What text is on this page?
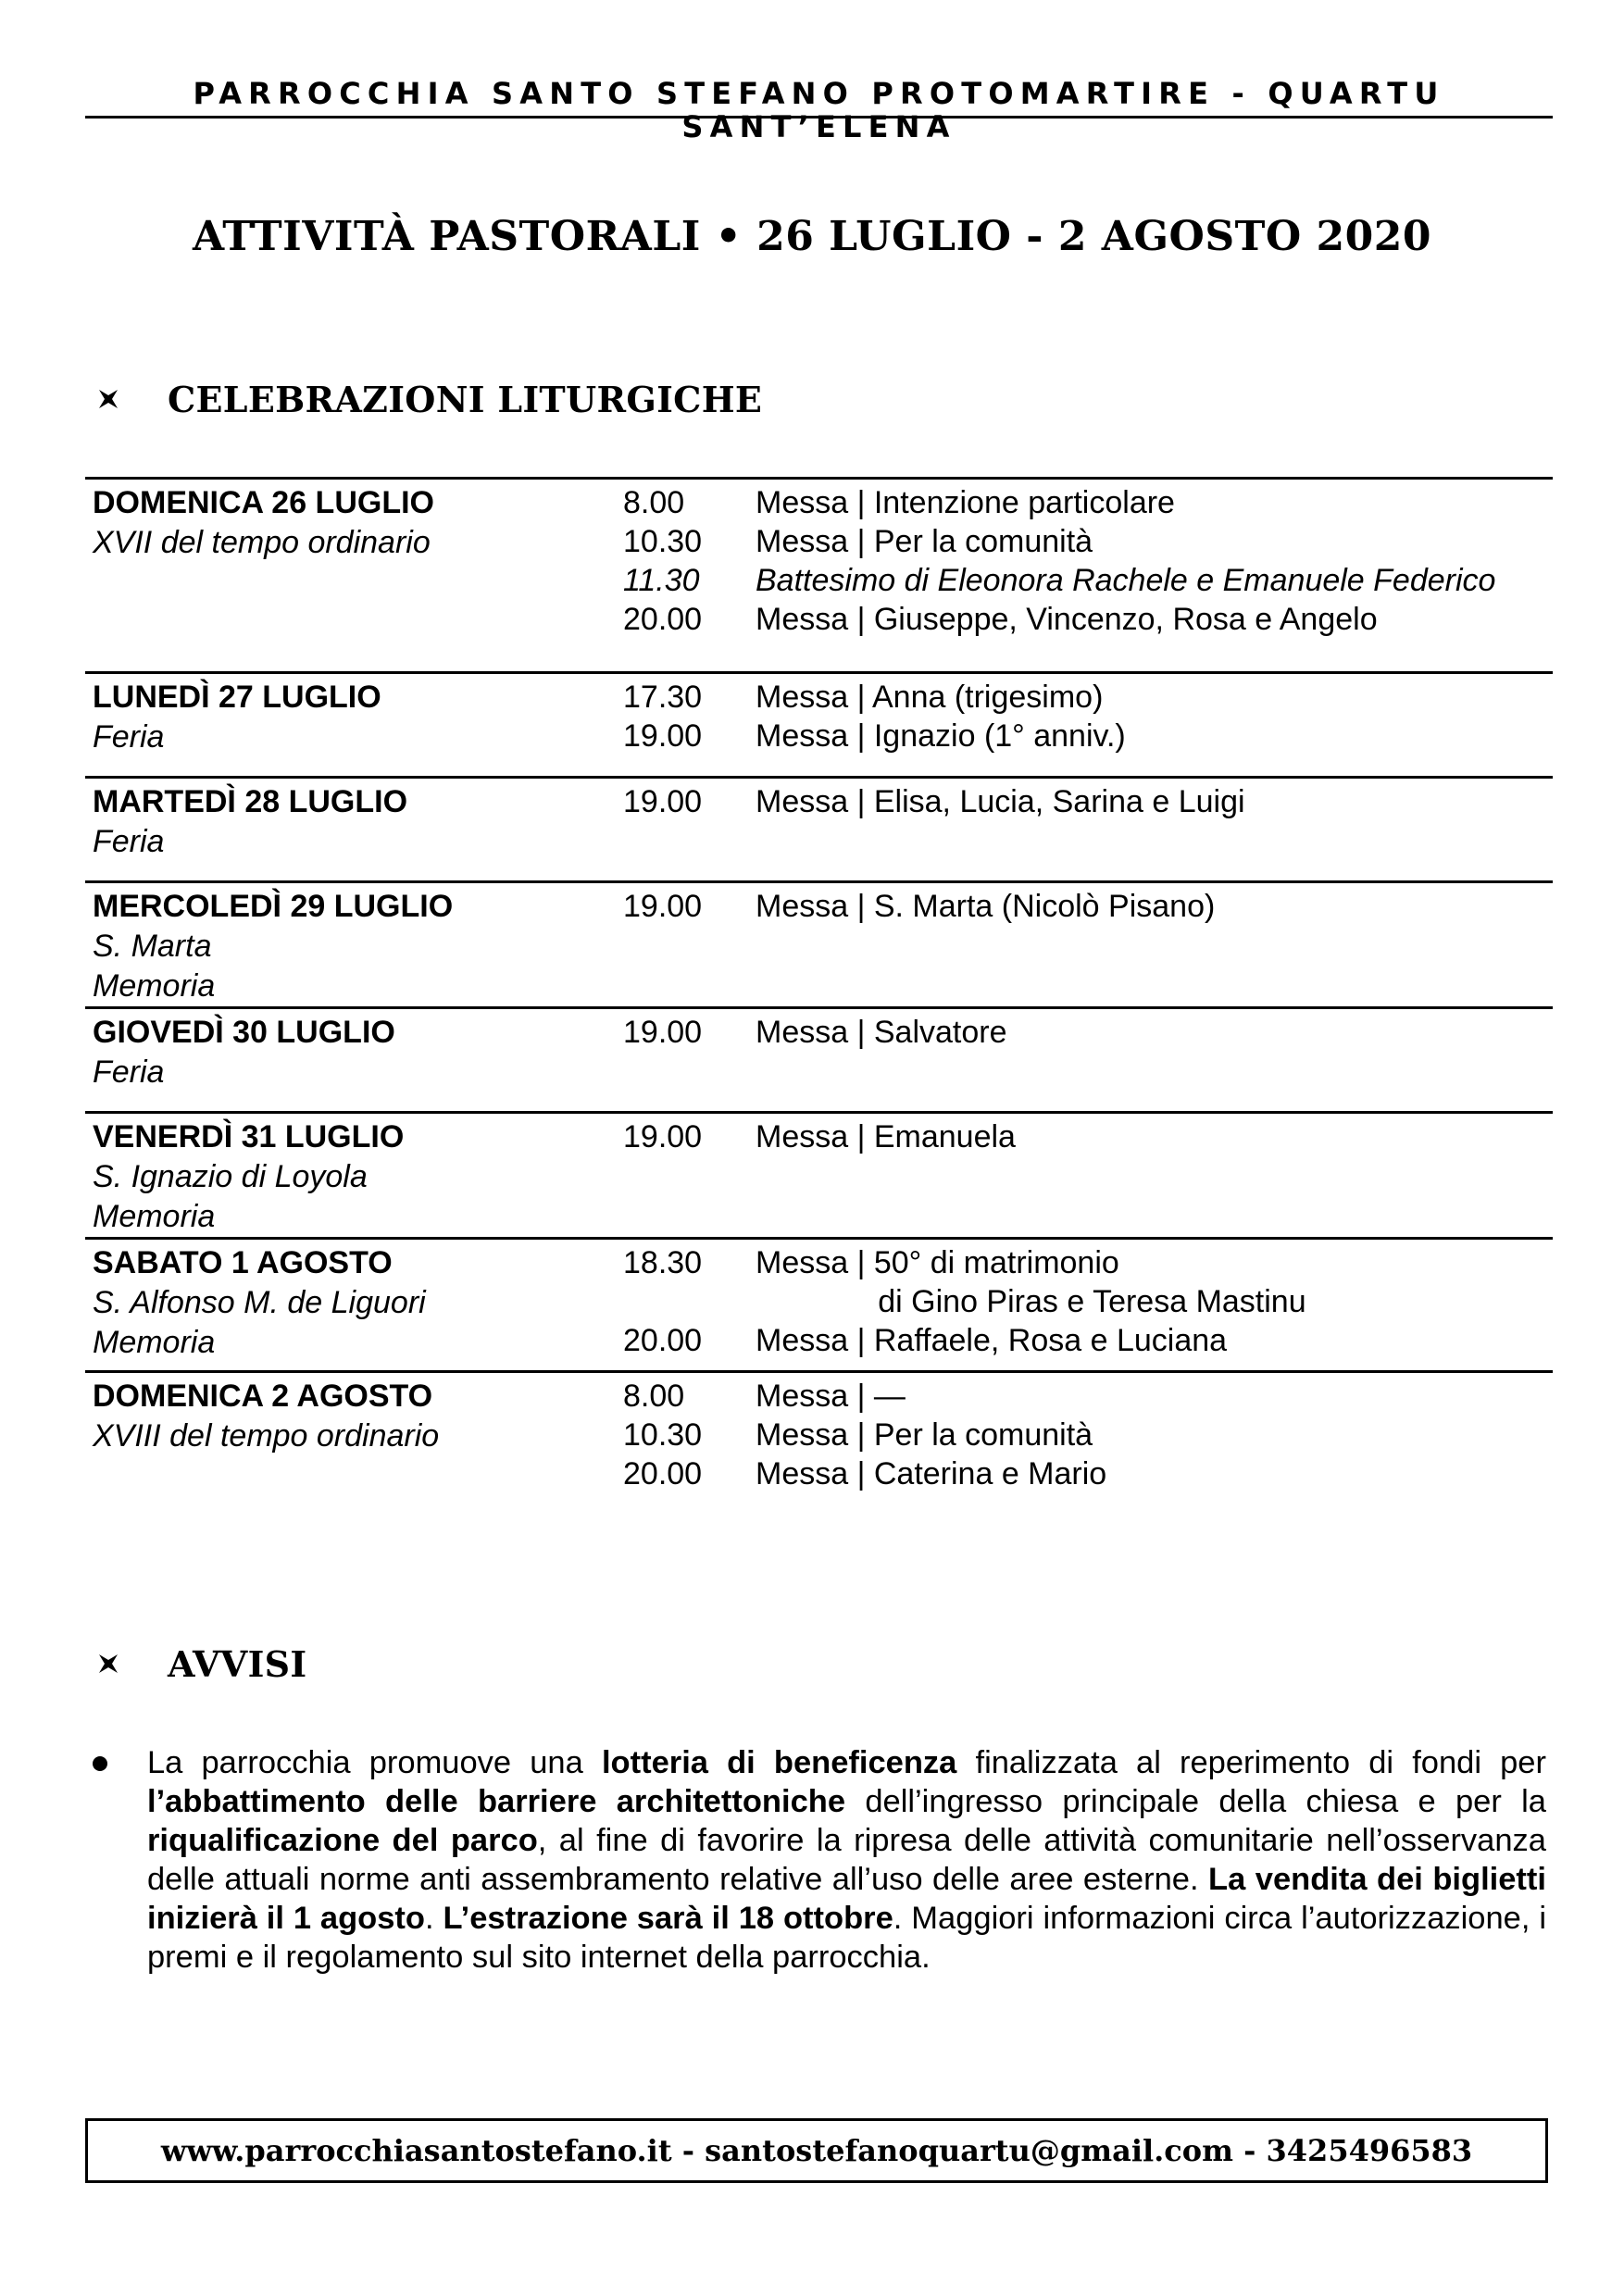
PARROCCHIA SANTO STEFANO PROTOMARTIRE - QUARTU SANT’ELENA
ATTIVITÀ PASTORALI • 26 LUGLIO - 2 AGOSTO 2020
CELEBRAZIONI LITURGICHE
DOMENICA 26 LUGLIO
XVII del tempo ordinario
8.00	Messa | Intenzione particolare
10.30	Messa | Per la comunità
11.30	Battesimo di Eleonora Rachele e Emanuele Federico
20.00	Messa | Giuseppe, Vincenzo, Rosa e Angelo
LUNEDÌ 27 LUGLIO
Feria
17.30	Messa | Anna (trigesimo)
19.00	Messa | Ignazio (1° anniv.)
MARTEDÌ 28 LUGLIO
Feria
19.00	Messa | Elisa, Lucia, Sarina e Luigi
MERCOLEDÌ 29 LUGLIO
S. Marta
Memoria
19.00	Messa | S. Marta (Nicolò Pisano)
GIOVEDÌ 30 LUGLIO
Feria
19.00	Messa | Salvatore
VENERDÌ 31 LUGLIO
S. Ignazio di Loyola
Memoria
19.00	Messa | Emanuela
SABATO 1 AGOSTO
S. Alfonso M. de Liguori
Memoria
18.30	Messa | 50° di matrimonio
di Gino Piras e Teresa Mastinu
20.00	Messa | Raffaele, Rosa e Luciana
DOMENICA 2 AGOSTO
XVIII del tempo ordinario
8.00	Messa | —
10.30	Messa | Per la comunità
20.00	Messa | Caterina e Mario
AVVISI
La parrocchia promuove una lotteria di beneficenza finalizzata al reperimento di fondi per l’abbattimento delle barriere architettoniche dell’ingresso principale della chiesa e per la riqualificazione del parco, al fine di favorire la ripresa delle attività comunitarie nell’osservanza delle attuali norme anti assembramento relative all’uso delle aree esterne. La vendita dei biglietti inizierà il 1 agosto. L’estrazione sarà il 18 ottobre. Maggiori informazioni circa l’autorizzazione, i premi e il regolamento sul sito internet della parrocchia.
www.parrocchiasantostefano.it - santostefanoquartu@gmail.com - 3425496583
